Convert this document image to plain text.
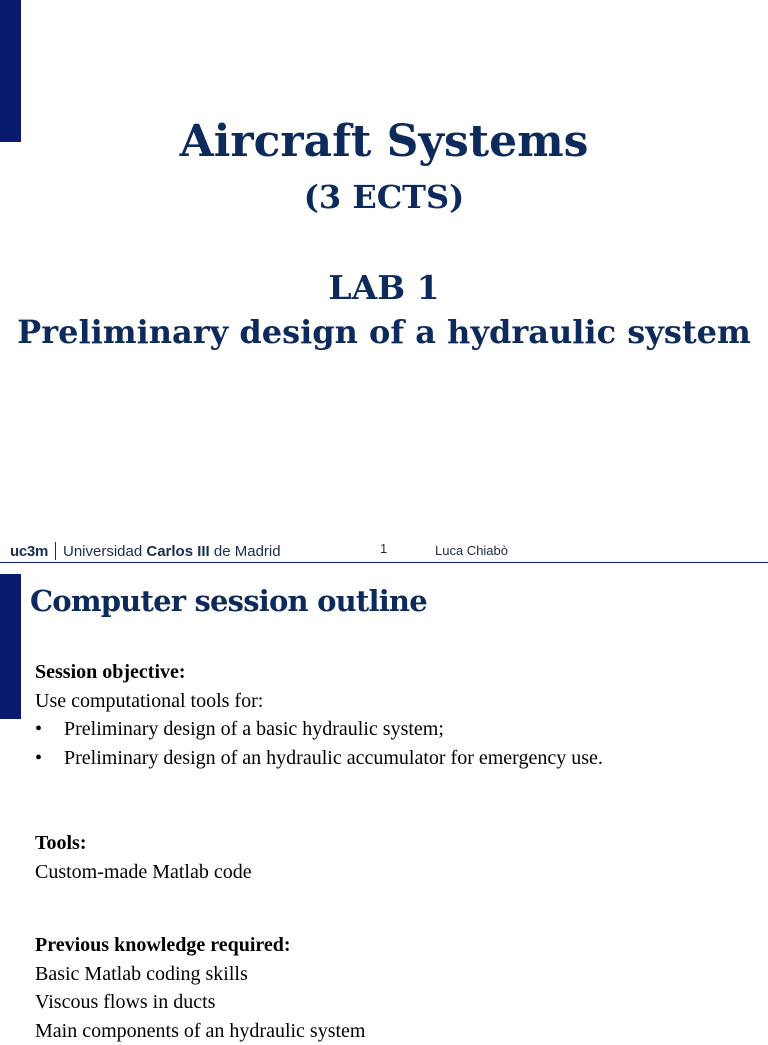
Aircraft Systems
(3 ECTS)
LAB 1
Preliminary design of a hydraulic system
uc3m Universidad Carlos III de Madrid	1	Luca Chiabò
Computer session outline
Session objective:
Use computational tools for:
• Preliminary design of a basic hydraulic system;
• Preliminary design of an hydraulic accumulator for emergency use.
Tools:
Custom-made Matlab code
Previous knowledge required:
Basic Matlab coding skills
Viscous flows in ducts
Main components of an hydraulic system
